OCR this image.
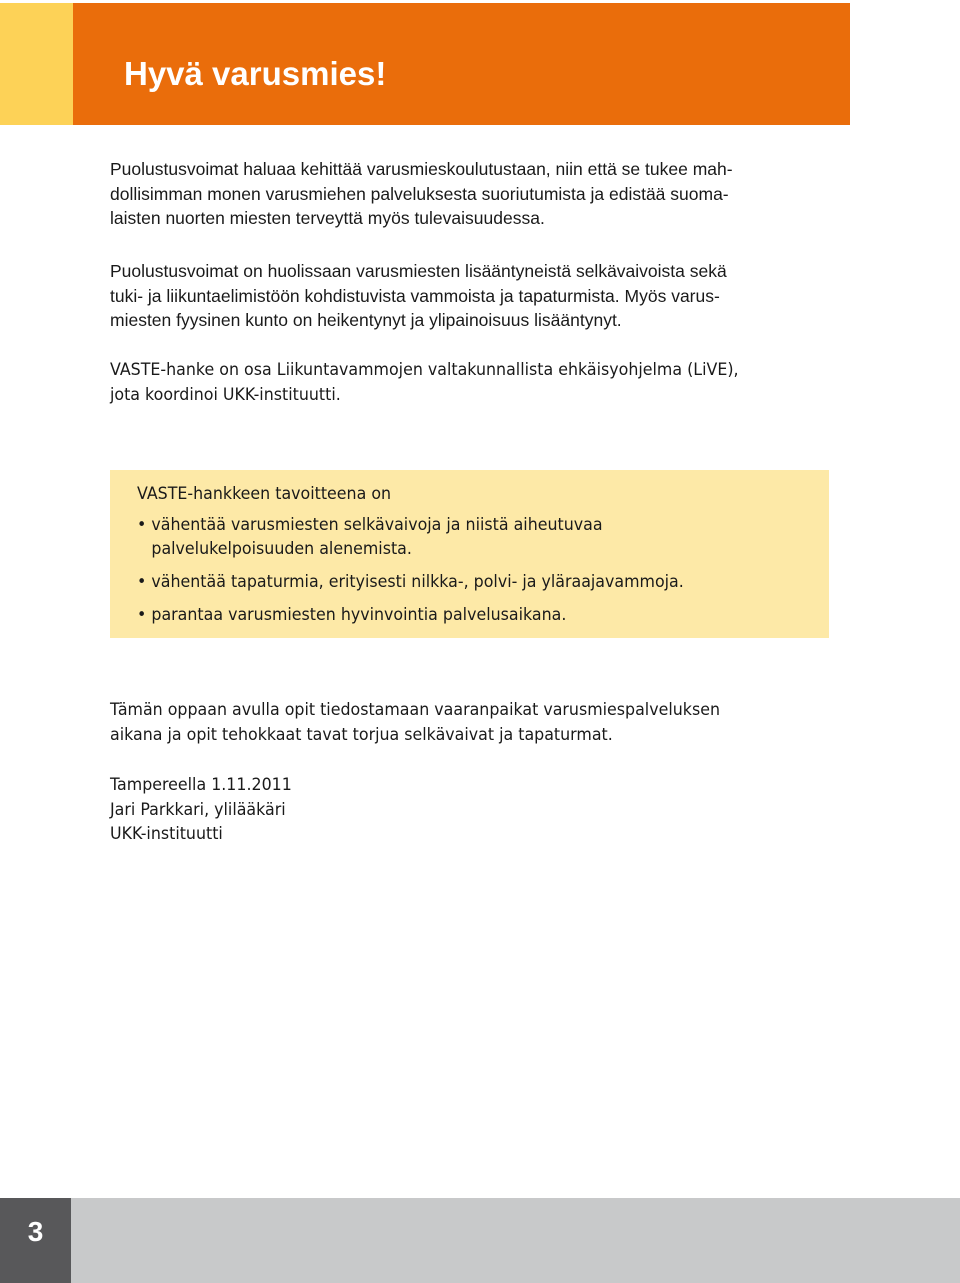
Hyvä varusmies!

Puolustusvoimat haluaa kehittää varusmieskoulutustaan, niin että se tukee mah-
dollisimman monen varusmiehen palveluksesta suoriutumista ja edistää suoma-
laisten nuorten miesten terveyttä myös tulevaisuudessa.

Puolustusvoimat on huolissaan varusmiesten lisääntyneistä selkävaivoista sekä
tuki- ja liikuntaelimistöön kohdistuvista vammoista ja tapaturmista. Myös varus-
miesten fyysinen kunto on heikentynyt ja ylipainoisuus lisääntynyt.

VASTE-hanke on osa Liikuntavammojen valtakunnallista ehkäisyohjelma (LiVE),
jota koordinoi UKK-instituutti.

VASTE-hankkeen tavoitteena on

• vähentää varusmiesten selkävaivoja ja niistä aiheutuvaa
palvelukelpoisuuden alenemista.
• vähentää tapaturmia, erityisesti nilkka-, polvi- ja yläraajavammoja.
• parantaa varusmiesten hyvinvointia palvelusaikana.

Tämän oppaan avulla opit tiedostamaan vaaranpaikat varusmiespalveluksen
aikana ja opit tehokkaat tavat torjua selkävaivat ja tapaturmat.

Tampereella 1.11.2011
Jari Parkkari, ylilääkäri
UKK-instituutti

3
